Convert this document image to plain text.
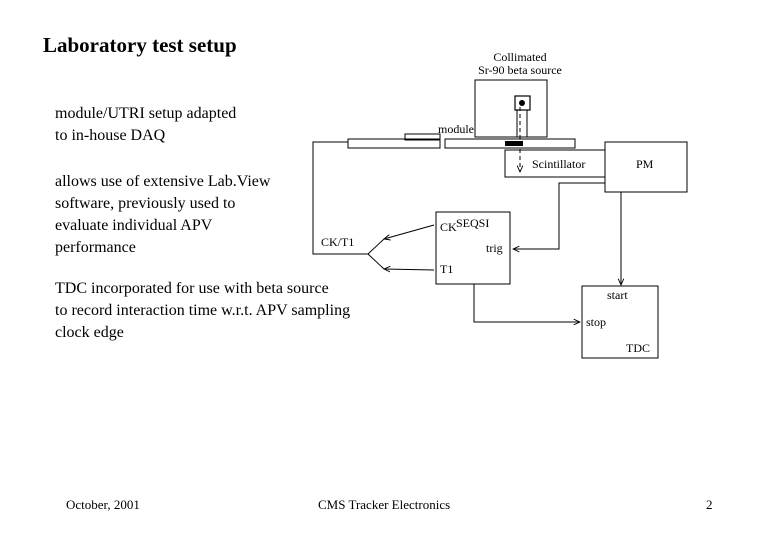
Laboratory test setup
module/UTRI setup adapted
to in-house DAQ
allows use of extensive Lab.View
software, previously used to
evaluate individual APV
performance
TDC incorporated for use with beta source
to record interaction time w.r.t. APV sampling
clock edge
Collimated
Sr-90 beta source
module
Scintillator	PM
CK/T1
SEQSI
CK
trig
T1
start
stop
TDC
October, 2001	CMS Tracker Electronics	2
